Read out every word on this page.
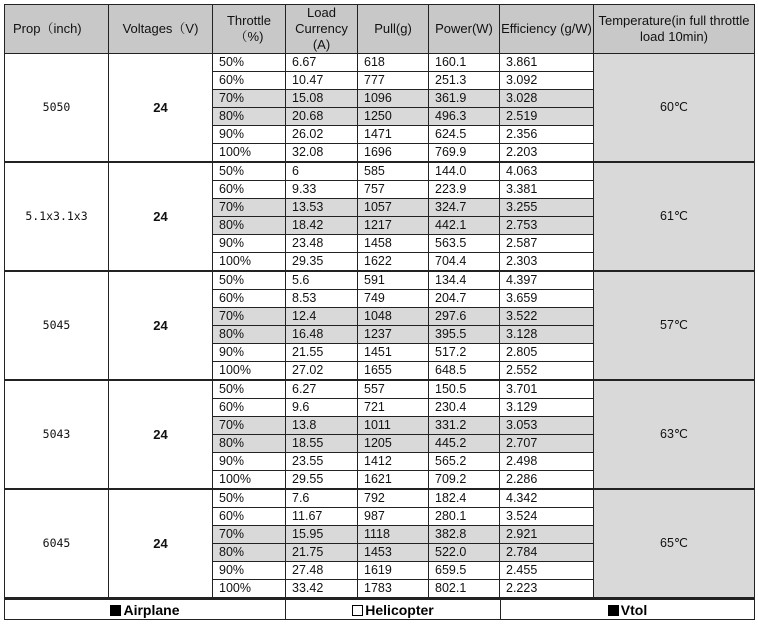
Prop（inch)	Voltages（V)	Throttle（%)	Load Currency (A)	Pull(g)	Power(W)	Efficiency (g/W)	Temperature(in full throttle load 10min)
5050	24	50%	6.67	618	160.1	3.861	60℃
		60%	10.47	777	251.3	3.092	
		70%	15.08	1096	361.9	3.028	
		80%	20.68	1250	496.3	2.519	
		90%	26.02	1471	624.5	2.356	
		100%	32.08	1696	769.9	2.203	
5.1x3.1x3	24	50%	6	585	144.0	4.063	61℃
		60%	9.33	757	223.9	3.381	
		70%	13.53	1057	324.7	3.255	
		80%	18.42	1217	442.1	2.753	
		90%	23.48	1458	563.5	2.587	
		100%	29.35	1622	704.4	2.303	
5045	24	50%	5.6	591	134.4	4.397	57℃
		60%	8.53	749	204.7	3.659	
		70%	12.4	1048	297.6	3.522	
		80%	16.48	1237	395.5	3.128	
		90%	21.55	1451	517.2	2.805	
		100%	27.02	1655	648.5	2.552	
5043	24	50%	6.27	557	150.5	3.701	63℃
		60%	9.6	721	230.4	3.129	
		70%	13.8	1011	331.2	3.053	
		80%	18.55	1205	445.2	2.707	
		90%	23.55	1412	565.2	2.498	
		100%	29.55	1621	709.2	2.286	
6045	24	50%	7.6	792	182.4	4.342	65℃
		60%	11.67	987	280.1	3.524	
		70%	15.95	1118	382.8	2.921	
		80%	21.75	1453	522.0	2.784	
		90%	27.48	1619	659.5	2.455	
		100%	33.42	1783	802.1	2.223	
Airplane	Helicopter	Vtol
